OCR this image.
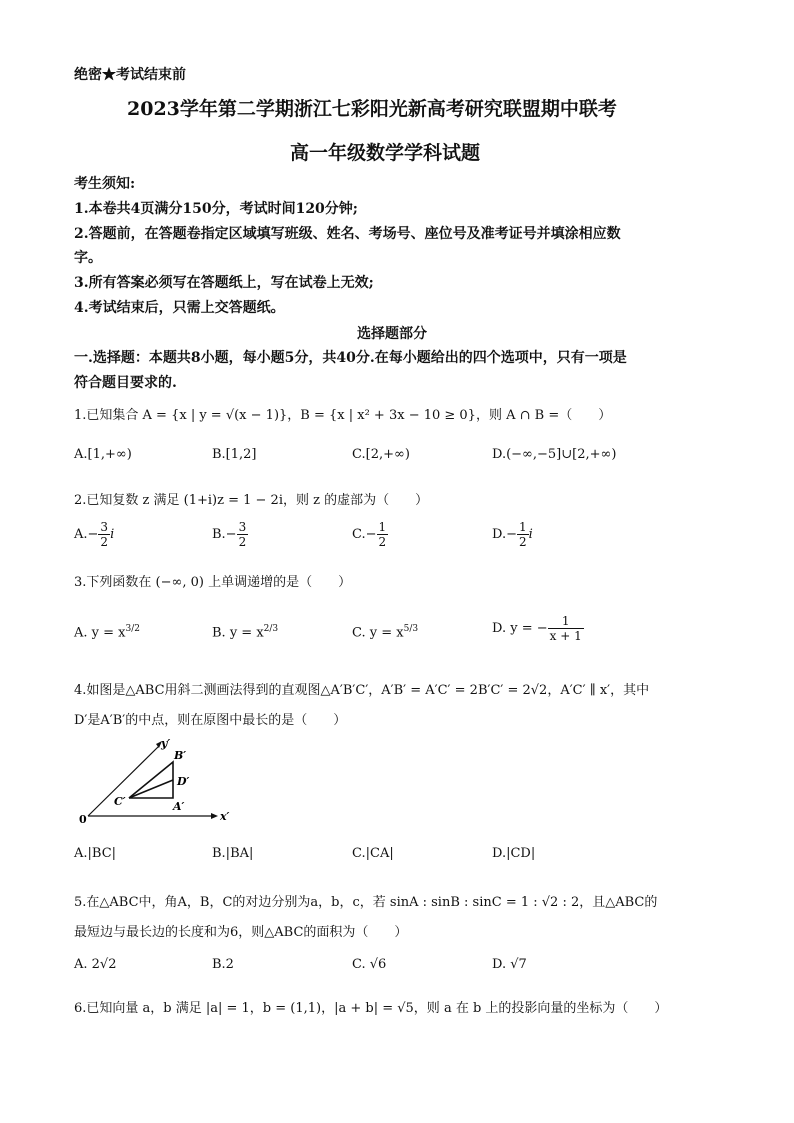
绝密★考试结束前
2023学年第二学期浙江七彩阳光新高考研究联盟期中联考
高一年级数学学科试题
考生须知:
1.本卷共4页满分150分，考试时间120分钟;
2.答题前，在答题卷指定区域填写班级、姓名、考场号、座位号及准考证号并填涂相应数
字。
3.所有答案必须写在答题纸上，写在试卷上无效;
4.考试结束后，只需上交答题纸。
选择题部分
一.选择题：本题共8小题，每小题5分，共40分.在每小题给出的四个选项中，只有一项是
符合题目要求的.
1.已知集合 A = {x | y = √(x − 1)}，B = {x | x² + 3x − 10 ≥ 0}，则 A ∩ B =（　　）
A.[1,+∞)	B.[1,2]	C.[2,+∞)	D.(−∞,−5]∪[2,+∞)
2.已知复数 z 满足 (1+i)z = 1 − 2i，则 z 的虚部为（　　）
$A.- \frac{3}{2}$ i	$B.- \frac{3}{2}$	$C.- \frac{1}{2}$	$D.- \frac{1}{2}$ i
3.下列函数在 (−∞, 0) 上单调递增的是（　　）
A. $y = x^{3/2}$	B. $y = x^{2/3}$	C. $y = x^{5/3}$	D. y = − $\frac{1}{x + 1}$
4.如图是△ABC用斜二测画法得到的直观图△A′B′C′，A′B′ = A′C′ = 2B′C′ = 2√2，A′C′ ∥ x′，其中
D′是A′B′的中点，则在原图中最长的是（　　）
y′
x′
0
B′
D′
C′	A′
A.|BC|	B.|BA|	C.|CA|	D.|CD|
5.在△ABC中，角A，B，C的对边分别为a，b，c，若 sinA : sinB : sinC = 1 : √2 : 2，且△ABC的
最短边与最长边的长度和为6，则△ABC的面积为（　　）
A. 2√2	B.2	C. √6	D. √7
6.已知向量 a，b 满足 |a| = 1，b = (1,1)，|a + b| = √5，则 a 在 b 上的投影向量的坐标为（　　）
